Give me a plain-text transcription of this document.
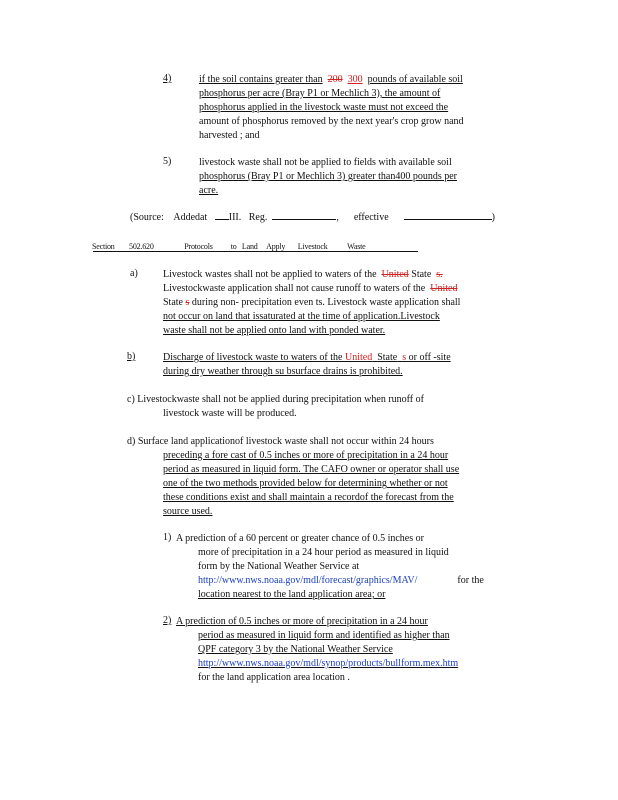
4)	if the soil contains greater than 200 300 pounds of available soil
phosphorus per acre (Bray P1 or Mechlich 3), the amount of
phosphorus applied in the livestock waste must not exceed the
amount of phosphorus removed by the next year's crop grow nand
harvested ; and
5)	livestock waste shall not be applied to fields with available soil
phosphorus (Bray P1 or Mechlich 3) greater than400 pounds per
acre.
(Source: Addedat III. Reg.	, effective	)
Section 502.620	Protocols to Land Apply Livestock Waste
a)	Livestock wastes shall not be applied to waters of the United State s.
Livestockwaste application shall not cause runoff to waters of the United
State s during non- precipitation even ts. Livestock waste application shall
not occur on land that issaturated at the time of application.Livestock
waste shall not be applied onto land with ponded water.
b)	Discharge of livestock waste to waters of the United State s or off -site
during dry weather through su bsurface drains is prohibited.
c) Livestockwaste shall not be applied during precipitation when runoff of
livestock waste will be produced.
d) Surface land applicationof livestock waste shall not occur within 24 hours
preceding a fore cast of 0.5 inches or more of precipitation in a 24 hour
period as measured in liquid form. The CAFO owner or operator shall use
one of the two methods provided below for determining whether or not
these conditions exist and shall maintain a recordof the forecast from the
source used.
1) A prediction of a 60 percent or greater chance of 0.5 inches or
more of precipitation in a 24 hour period as measured in liquid
form by the National Weather Service at
http://www.nws.noaa.gov/mdl/forecast/graphics/MAV/	for the
location nearest to the land application area; or
2) A prediction of 0.5 inches or more of precipitation in a 24 hour
period as measured in liquid form and identified as higher than
QPF category 3 by the National Weather Service
http://www.nws.noaa.gov/mdl/synop/products/bullform.mex.htm
for the land application area location .
